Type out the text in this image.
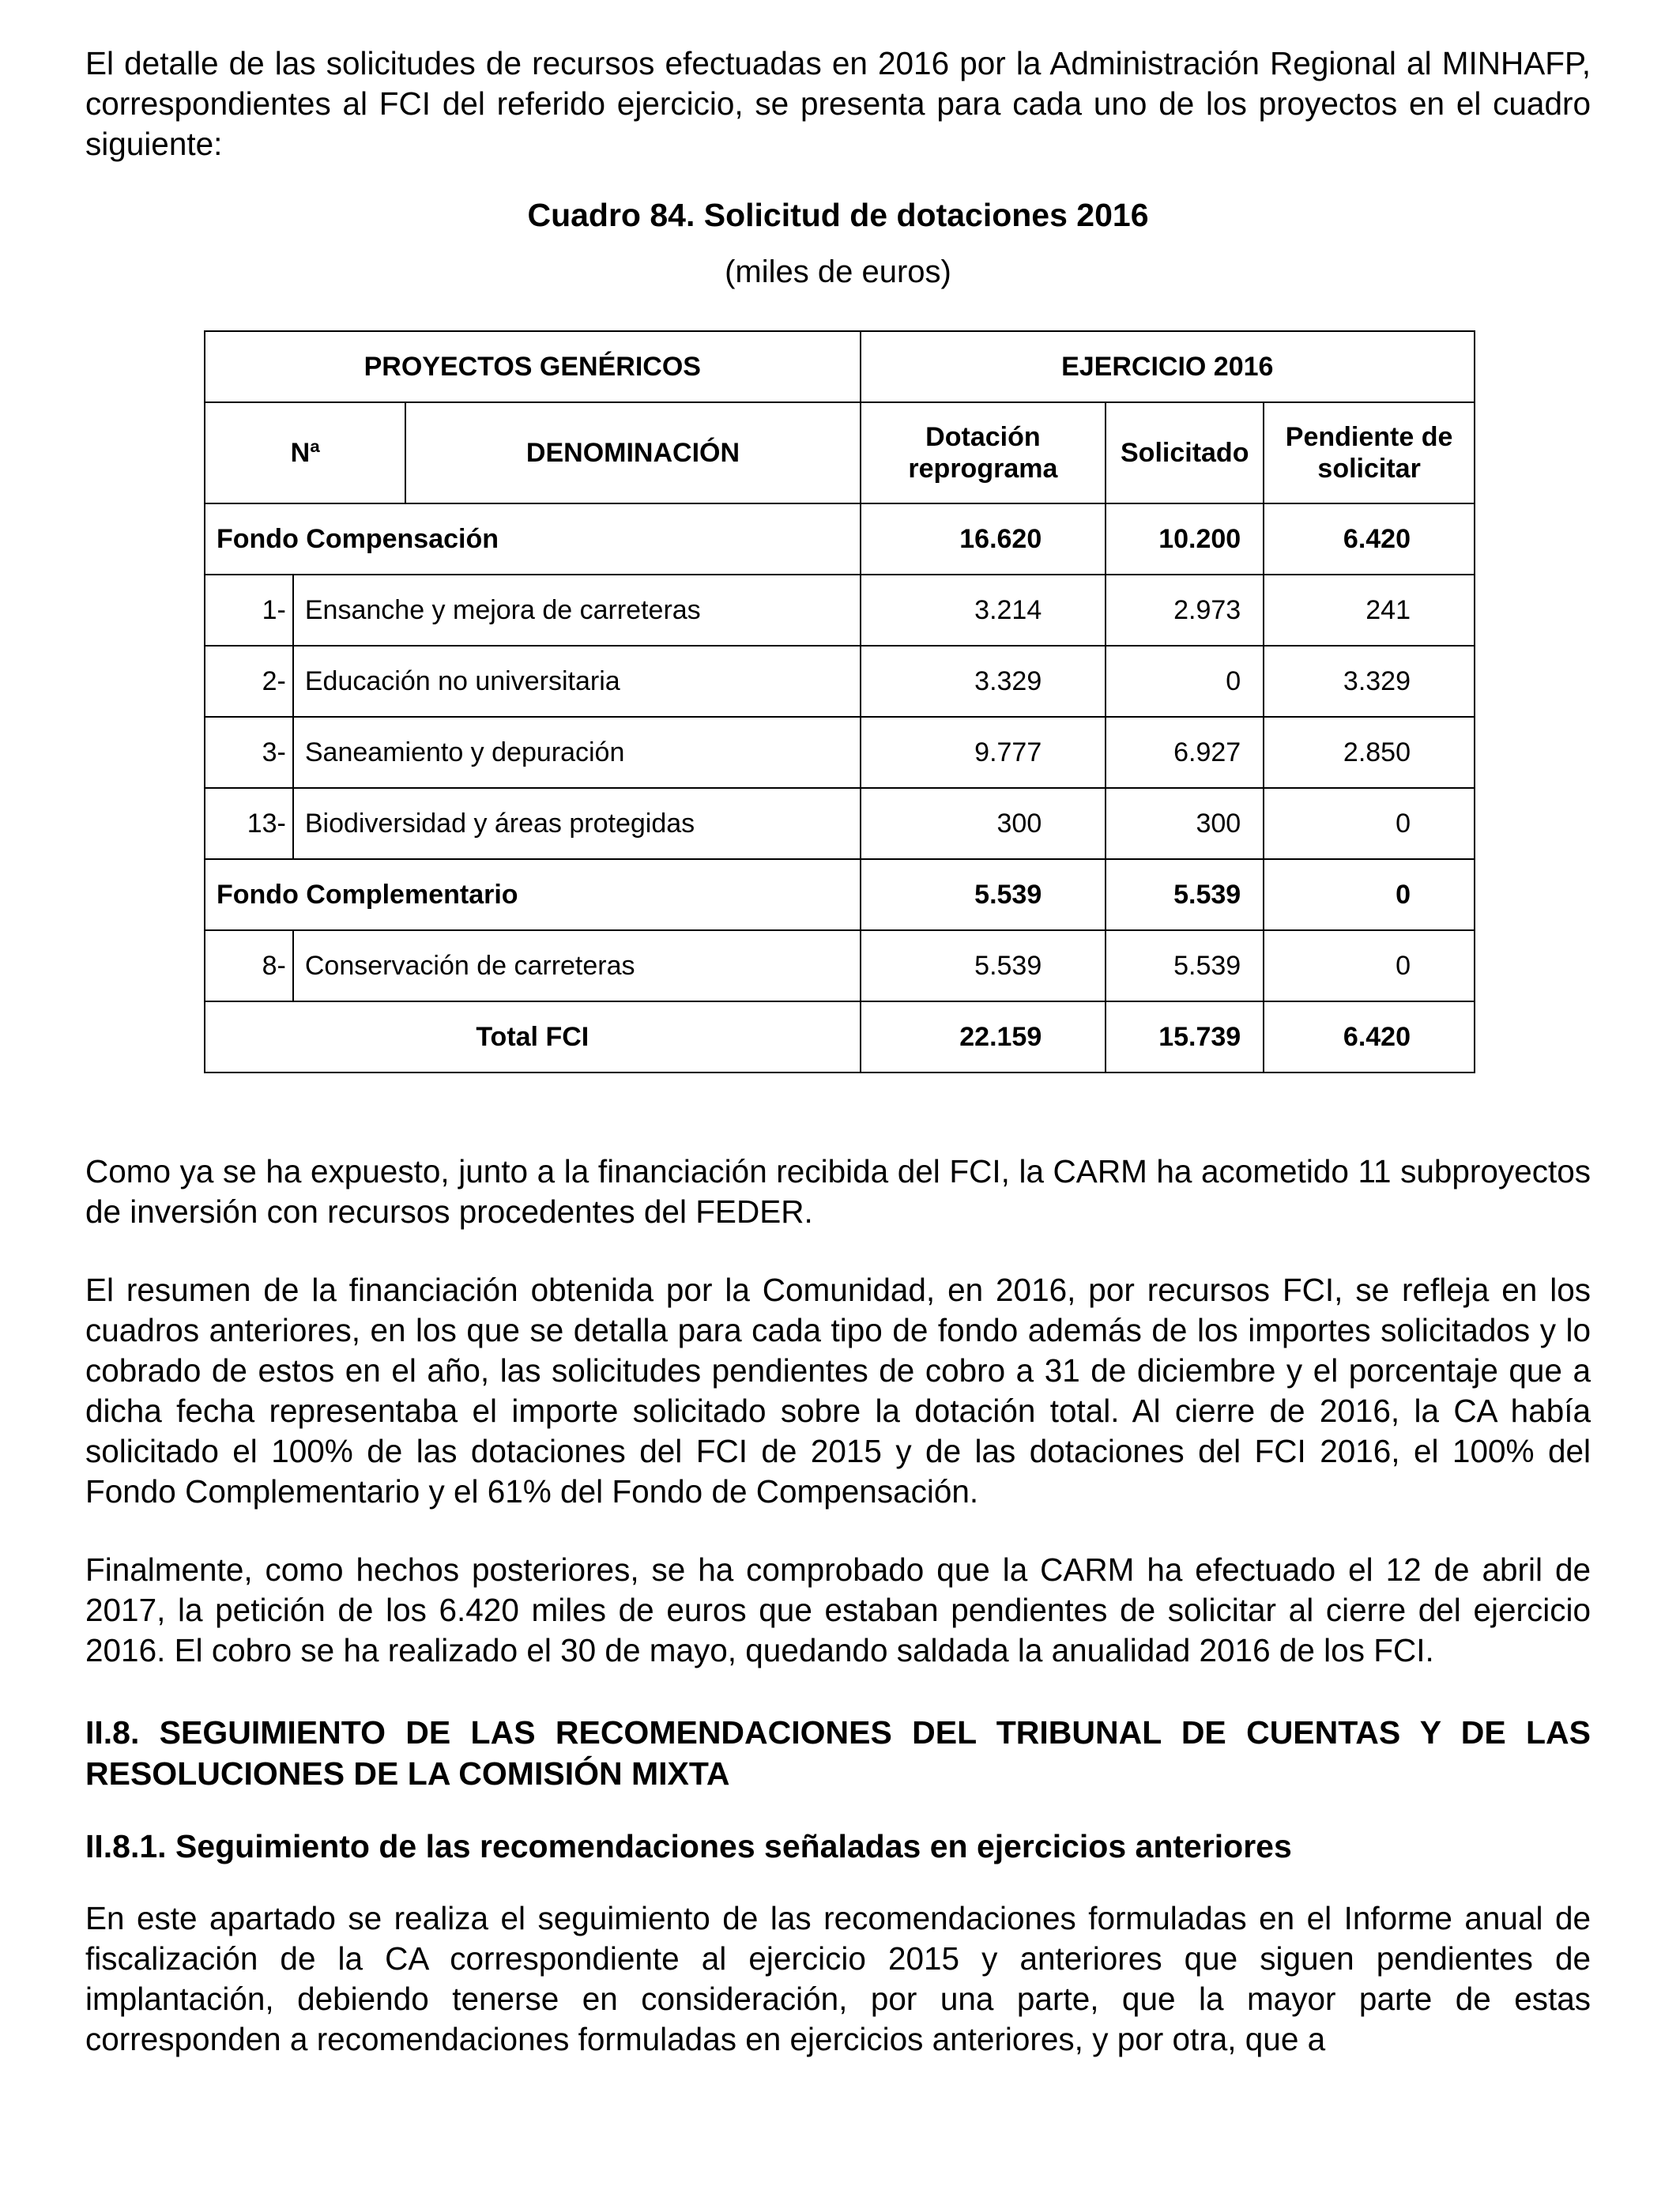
El detalle de las solicitudes de recursos efectuadas en 2016 por la Administración Regional al MINHAFP, correspondientes al FCI del referido ejercicio, se presenta para cada uno de los proyectos en el cuadro siguiente:

Cuadro 84. Solicitud de dotaciones 2016
(miles de euros)
PROYECTOS GENÉRICOS			EJERCICIO 2016		
Nª		DENOMINACIÓN	Dotación reprograma	Solicitado	Pendiente de solicitar
Fondo Compensación			16.620	10.200	6.420
1-	Ensanche y mejora de carreteras		3.214	2.973	241
2-	Educación no universitaria		3.329	0	3.329
3-	Saneamiento y depuración		9.777	6.927	2.850
13-	Biodiversidad y áreas protegidas		300	300	0
Fondo Complementario			5.539	5.539	0
8-	Conservación de carreteras		5.539	5.539	0
Total FCI			22.159	15.739	6.420

Como ya se ha expuesto, junto a la financiación recibida del FCI, la CARM ha acometido 11 subproyectos de inversión con recursos procedentes del FEDER.

El resumen de la financiación obtenida por la Comunidad, en 2016, por recursos FCI, se refleja en los cuadros anteriores, en los que se detalla para cada tipo de fondo además de los importes solicitados y lo cobrado de estos en el año, las solicitudes pendientes de cobro a 31 de diciembre y el porcentaje que a dicha fecha representaba el importe solicitado sobre la dotación total. Al cierre de 2016, la CA había solicitado el 100% de las dotaciones del FCI de 2015 y de las dotaciones del FCI 2016, el 100% del Fondo Complementario y el 61% del Fondo de Compensación.

Finalmente, como hechos posteriores, se ha comprobado que la CARM ha efectuado el 12 de abril de 2017, la petición de los 6.420 miles de euros que estaban pendientes de solicitar al cierre del ejercicio 2016. El cobro se ha realizado el 30 de mayo, quedando saldada la anualidad 2016 de los FCI.

II.8. SEGUIMIENTO DE LAS RECOMENDACIONES DEL TRIBUNAL DE CUENTAS Y DE LAS RESOLUCIONES DE LA COMISIÓN MIXTA
II.8.1. Seguimiento de las recomendaciones señaladas en ejercicios anteriores

En este apartado se realiza el seguimiento de las recomendaciones formuladas en el Informe anual de fiscalización de la CA correspondiente al ejercicio 2015 y anteriores que siguen pendientes de implantación, debiendo tenerse en consideración, por una parte, que la mayor parte de estas corresponden a recomendaciones formuladas en ejercicios anteriores, y por otra, que a
